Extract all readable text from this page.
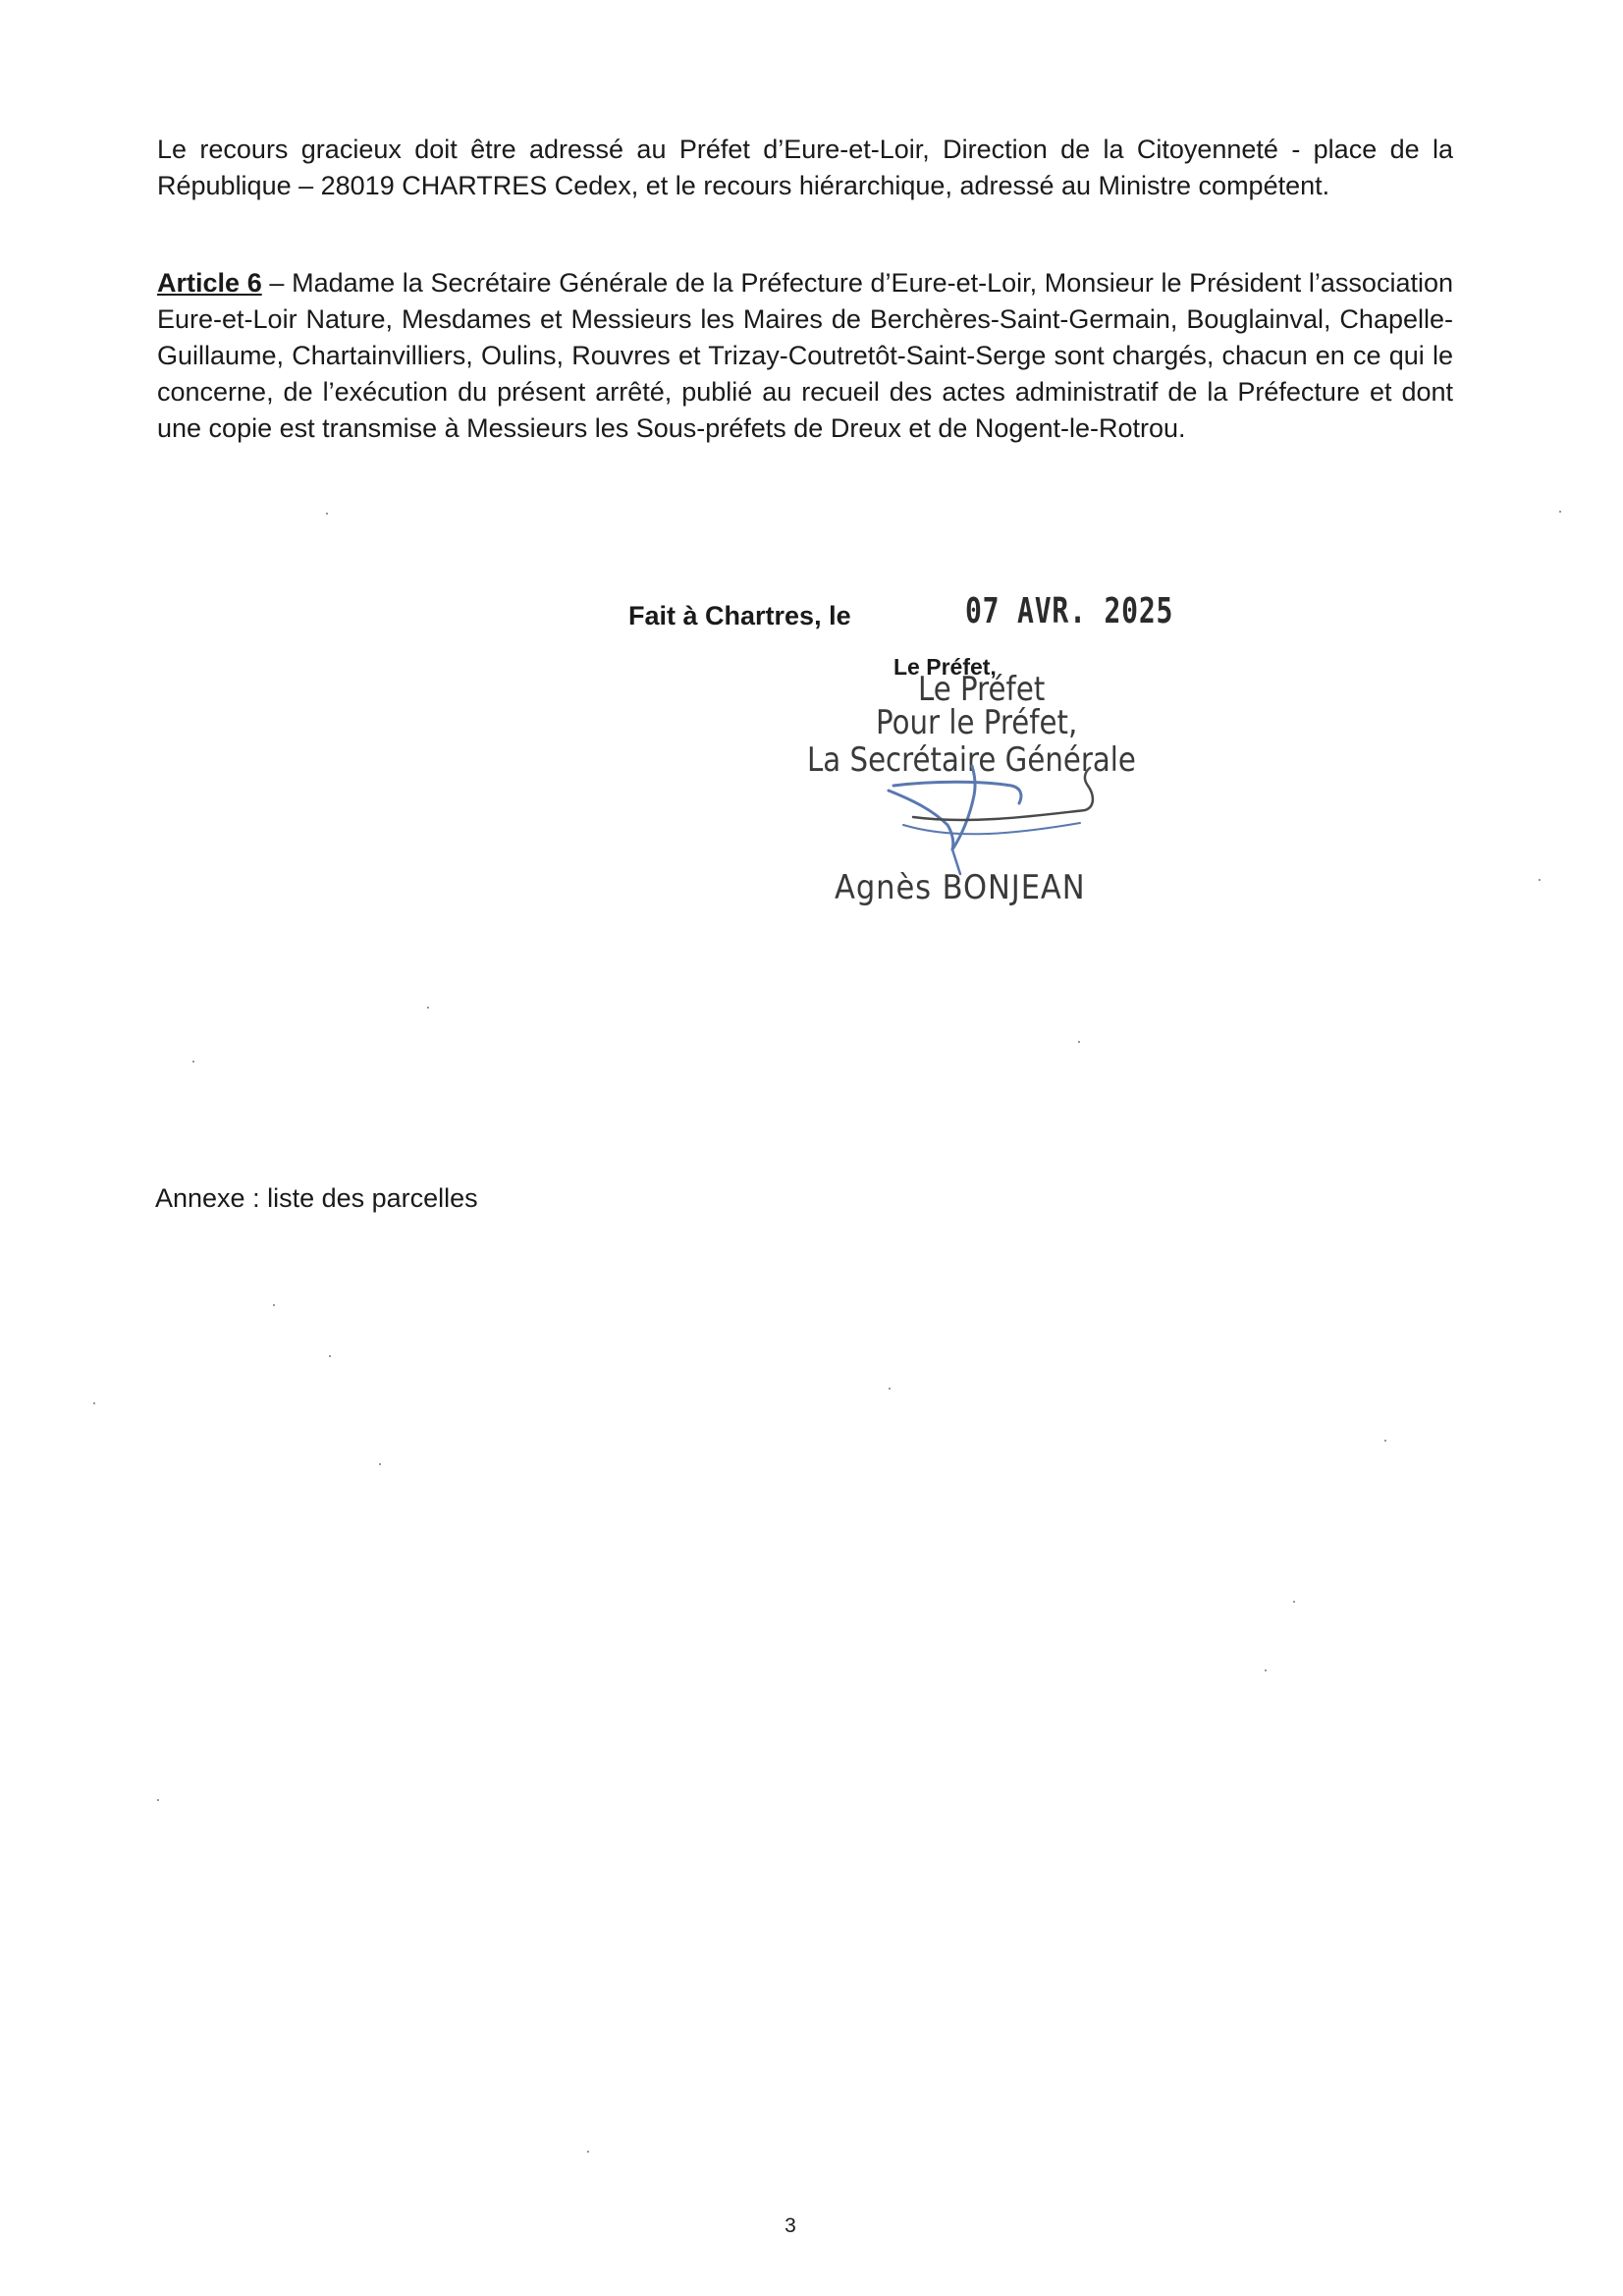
Le recours gracieux doit être adressé au Préfet d’Eure-et-Loir, Direction de la Citoyenneté - place de la République – 28019 CHARTRES Cedex, et le recours hiérarchique, adressé au Ministre compétent.

Article 6 – Madame la Secrétaire Générale de la Préfecture d’Eure-et-Loir, Monsieur le Président l’association Eure-et-Loir Nature, Mesdames et Messieurs les Maires de Berchères-Saint-Germain, Bouglainval, Chapelle-Guillaume, Chartainvilliers, Oulins, Rouvres et Trizay-Coutretôt-Saint-Serge sont chargés, chacun en ce qui le concerne, de l’exécution du présent arrêté, publié au recueil des actes administratif de la Préfecture et dont une copie est transmise à Messieurs les Sous-préfets de Dreux et de Nogent-le-Rotrou.

Fait à Chartres, le	07 AVR. 2025

Le Préfet,

Le Préfet

Pour le Préfet,

La Secrétaire Générale

Agnès BONJEAN

Annexe : liste des parcelles

3
